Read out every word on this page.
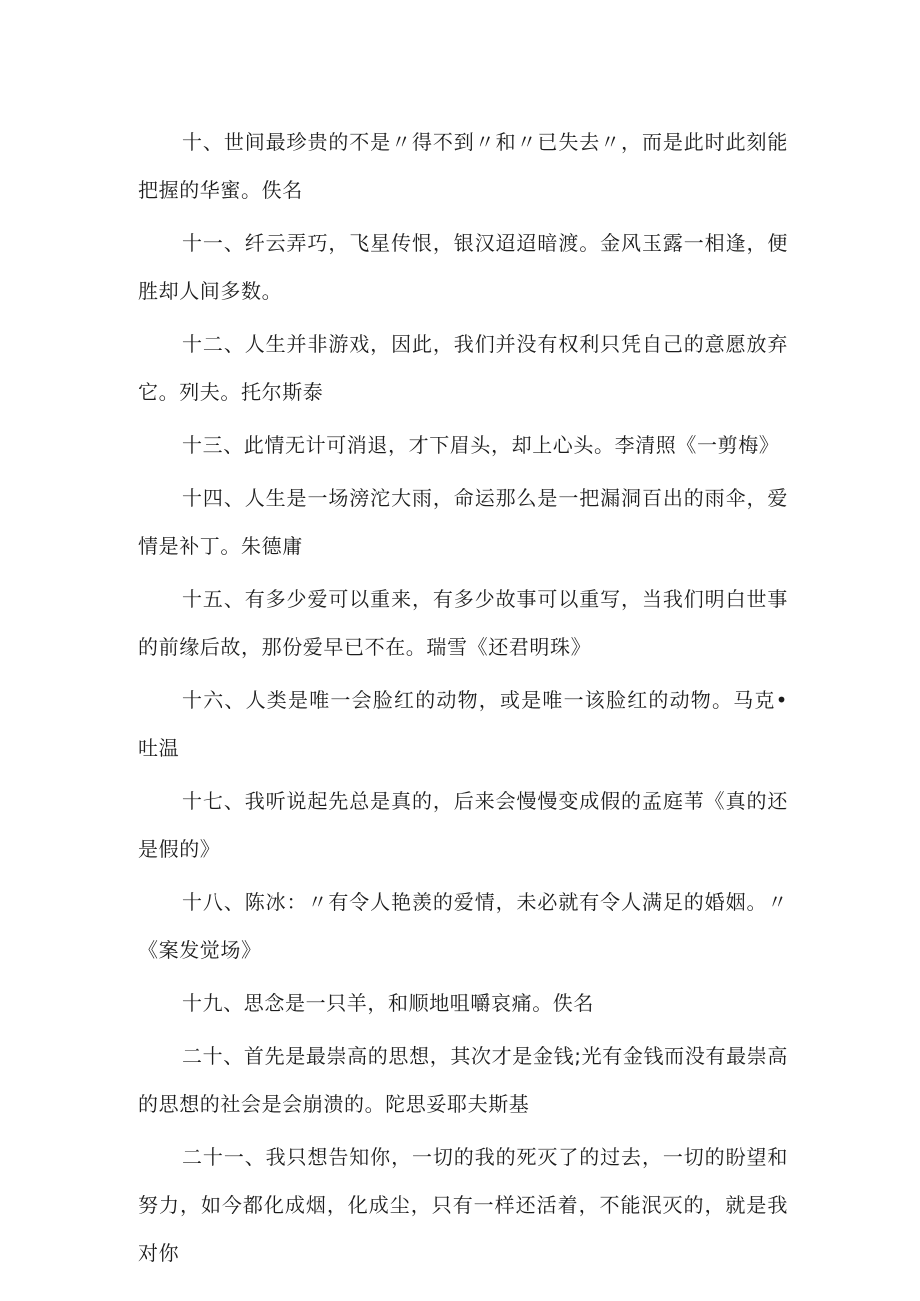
十、世间最珍贵的不是〃得不到〃和〃已失去〃，而是此时此刻能把握的华蜜。佚名

十一、纤云弄巧，飞星传恨，银汉迢迢暗渡。金风玉露一相逢，便胜却人间多数。

十二、人生并非游戏，因此，我们并没有权利只凭自己的意愿放弃它。列夫。托尔斯泰

十三、此情无计可消退，才下眉头，却上心头。李清照《一剪梅》

十四、人生是一场滂沱大雨，命运那么是一把漏洞百出的雨伞，爱情是补丁。朱德庸

十五、有多少爱可以重来，有多少故事可以重写，当我们明白世事的前缘后故，那份爱早已不在。瑞雪《还君明珠》

十六、人类是唯一会脸红的动物，或是唯一该脸红的动物。马克•吐温

十七、我听说起先总是真的，后来会慢慢变成假的孟庭苇《真的还是假的》

十八、陈冰：〃有令人艳羡的爱情，未必就有令人满足的婚姻。〃《案发觉场》

十九、思念是一只羊，和顺地咀嚼哀痛。佚名

二十、首先是最崇高的思想，其次才是金钱;光有金钱而没有最崇高的思想的社会是会崩溃的。陀思妥耶夫斯基

二十一、我只想告知你，一切的我的死灭了的过去，一切的盼望和努力，如今都化成烟，化成尘，只有一样还活着，不能泯灭的，就是我对你
